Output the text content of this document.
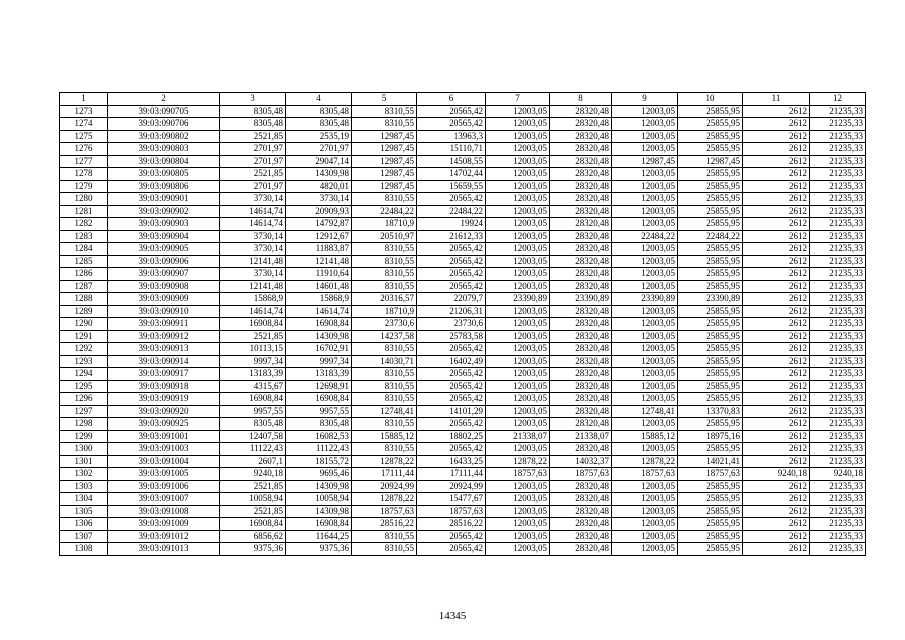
1	2	3	4	5	6	7	8	9	10	11	12
1273	39:03:090705	8305,48	8305,48	8310,55	20565,42	12003,05	28320,48	12003,05	25855,95	2612	21235,33
1274	39:03:090706	8305,48	8305,48	8310,55	20565,42	12003,05	28320,48	12003,05	25855,95	2612	21235,33
1275	39:03:090802	2521,85	2535,19	12987,45	13963,3	12003,05	28320,48	12003,05	25855,95	2612	21235,33
1276	39:03:090803	2701,97	2701,97	12987,45	15110,71	12003,05	28320,48	12003,05	25855,95	2612	21235,33
1277	39:03:090804	2701,97	29047,14	12987,45	14508,55	12003,05	28320,48	12987,45	12987,45	2612	21235,33
1278	39:03:090805	2521,85	14309,98	12987,45	14702,44	12003,05	28320,48	12003,05	25855,95	2612	21235,33
1279	39:03:090806	2701,97	4820,01	12987,45	15659,55	12003,05	28320,48	12003,05	25855,95	2612	21235,33
1280	39:03:090901	3730,14	3730,14	8310,55	20565,42	12003,05	28320,48	12003,05	25855,95	2612	21235,33
1281	39:03:090902	14614,74	20909,93	22484,22	22484,22	12003,05	28320,48	12003,05	25855,95	2612	21235,33
1282	39:03:090903	14614,74	14792,87	18710,9	19924	12003,05	28320,48	12003,05	25855,95	2612	21235,33
1283	39:03:090904	3730,14	12912,67	20510,97	21612,33	12003,05	28320,48	22484,22	22484,22	2612	21235,33
1284	39:03:090905	3730,14	11883,87	8310,55	20565,42	12003,05	28320,48	12003,05	25855,95	2612	21235,33
1285	39:03:090906	12141,48	12141,48	8310,55	20565,42	12003,05	28320,48	12003,05	25855,95	2612	21235,33
1286	39:03:090907	3730,14	11910,64	8310,55	20565,42	12003,05	28320,48	12003,05	25855,95	2612	21235,33
1287	39:03:090908	12141,48	14601,48	8310,55	20565,42	12003,05	28320,48	12003,05	25855,95	2612	21235,33
1288	39:03:090909	15868,9	15868,9	20316,57	22079,7	23390,89	23390,89	23390,89	23390,89	2612	21235,33
1289	39:03:090910	14614,74	14614,74	18710,9	21206,31	12003,05	28320,48	12003,05	25855,95	2612	21235,33
1290	39:03:090911	16908,84	16908,84	23730,6	23730,6	12003,05	28320,48	12003,05	25855,95	2612	21235,33
1291	39:03:090912	2521,85	14309,98	14237,58	25783,58	12003,05	28320,48	12003,05	25855,95	2612	21235,33
1292	39:03:090913	10113,15	16702,91	8310,55	20565,42	12003,05	28320,48	12003,05	25855,95	2612	21235,33
1293	39:03:090914	9997,34	9997,34	14030,71	16402,49	12003,05	28320,48	12003,05	25855,95	2612	21235,33
1294	39:03:090917	13183,39	13183,39	8310,55	20565,42	12003,05	28320,48	12003,05	25855,95	2612	21235,33
1295	39:03:090918	4315,67	12698,91	8310,55	20565,42	12003,05	28320,48	12003,05	25855,95	2612	21235,33
1296	39:03:090919	16908,84	16908,84	8310,55	20565,42	12003,05	28320,48	12003,05	25855,95	2612	21235,33
1297	39:03:090920	9957,55	9957,55	12748,41	14101,29	12003,05	28320,48	12748,41	13370,83	2612	21235,33
1298	39:03:090925	8305,48	8305,48	8310,55	20565,42	12003,05	28320,48	12003,05	25855,95	2612	21235,33
1299	39:03:091001	12407,58	16082,53	15885,12	18802,25	21338,07	21338,07	15885,12	18975,16	2612	21235,33
1300	39:03:091003	11122,43	11122,43	8310,55	20565,42	12003,05	28320,48	12003,05	25855,95	2612	21235,33
1301	39:03:091004	2607,1	18155,72	12878,22	16433,25	12878,22	14032,37	12878,22	14021,41	2612	21235,33
1302	39:03:091005	9240,18	9695,46	17111,44	17111,44	18757,63	18757,63	18757,63	18757,63	9240,18	9240,18
1303	39:03:091006	2521,85	14309,98	20924,99	20924,99	12003,05	28320,48	12003,05	25855,95	2612	21235,33
1304	39:03:091007	10058,94	10058,94	12878,22	15477,67	12003,05	28320,48	12003,05	25855,95	2612	21235,33
1305	39:03:091008	2521,85	14309,98	18757,63	18757,63	12003,05	28320,48	12003,05	25855,95	2612	21235,33
1306	39:03:091009	16908,84	16908,84	28516,22	28516,22	12003,05	28320,48	12003,05	25855,95	2612	21235,33
1307	39:03:091012	6856,62	11644,25	8310,55	20565,42	12003,05	28320,48	12003,05	25855,95	2612	21235,33
1308	39:03:091013	9375,36	9375,36	8310,55	20565,42	12003,05	28320,48	12003,05	25855,95	2612	21235,33
14345
